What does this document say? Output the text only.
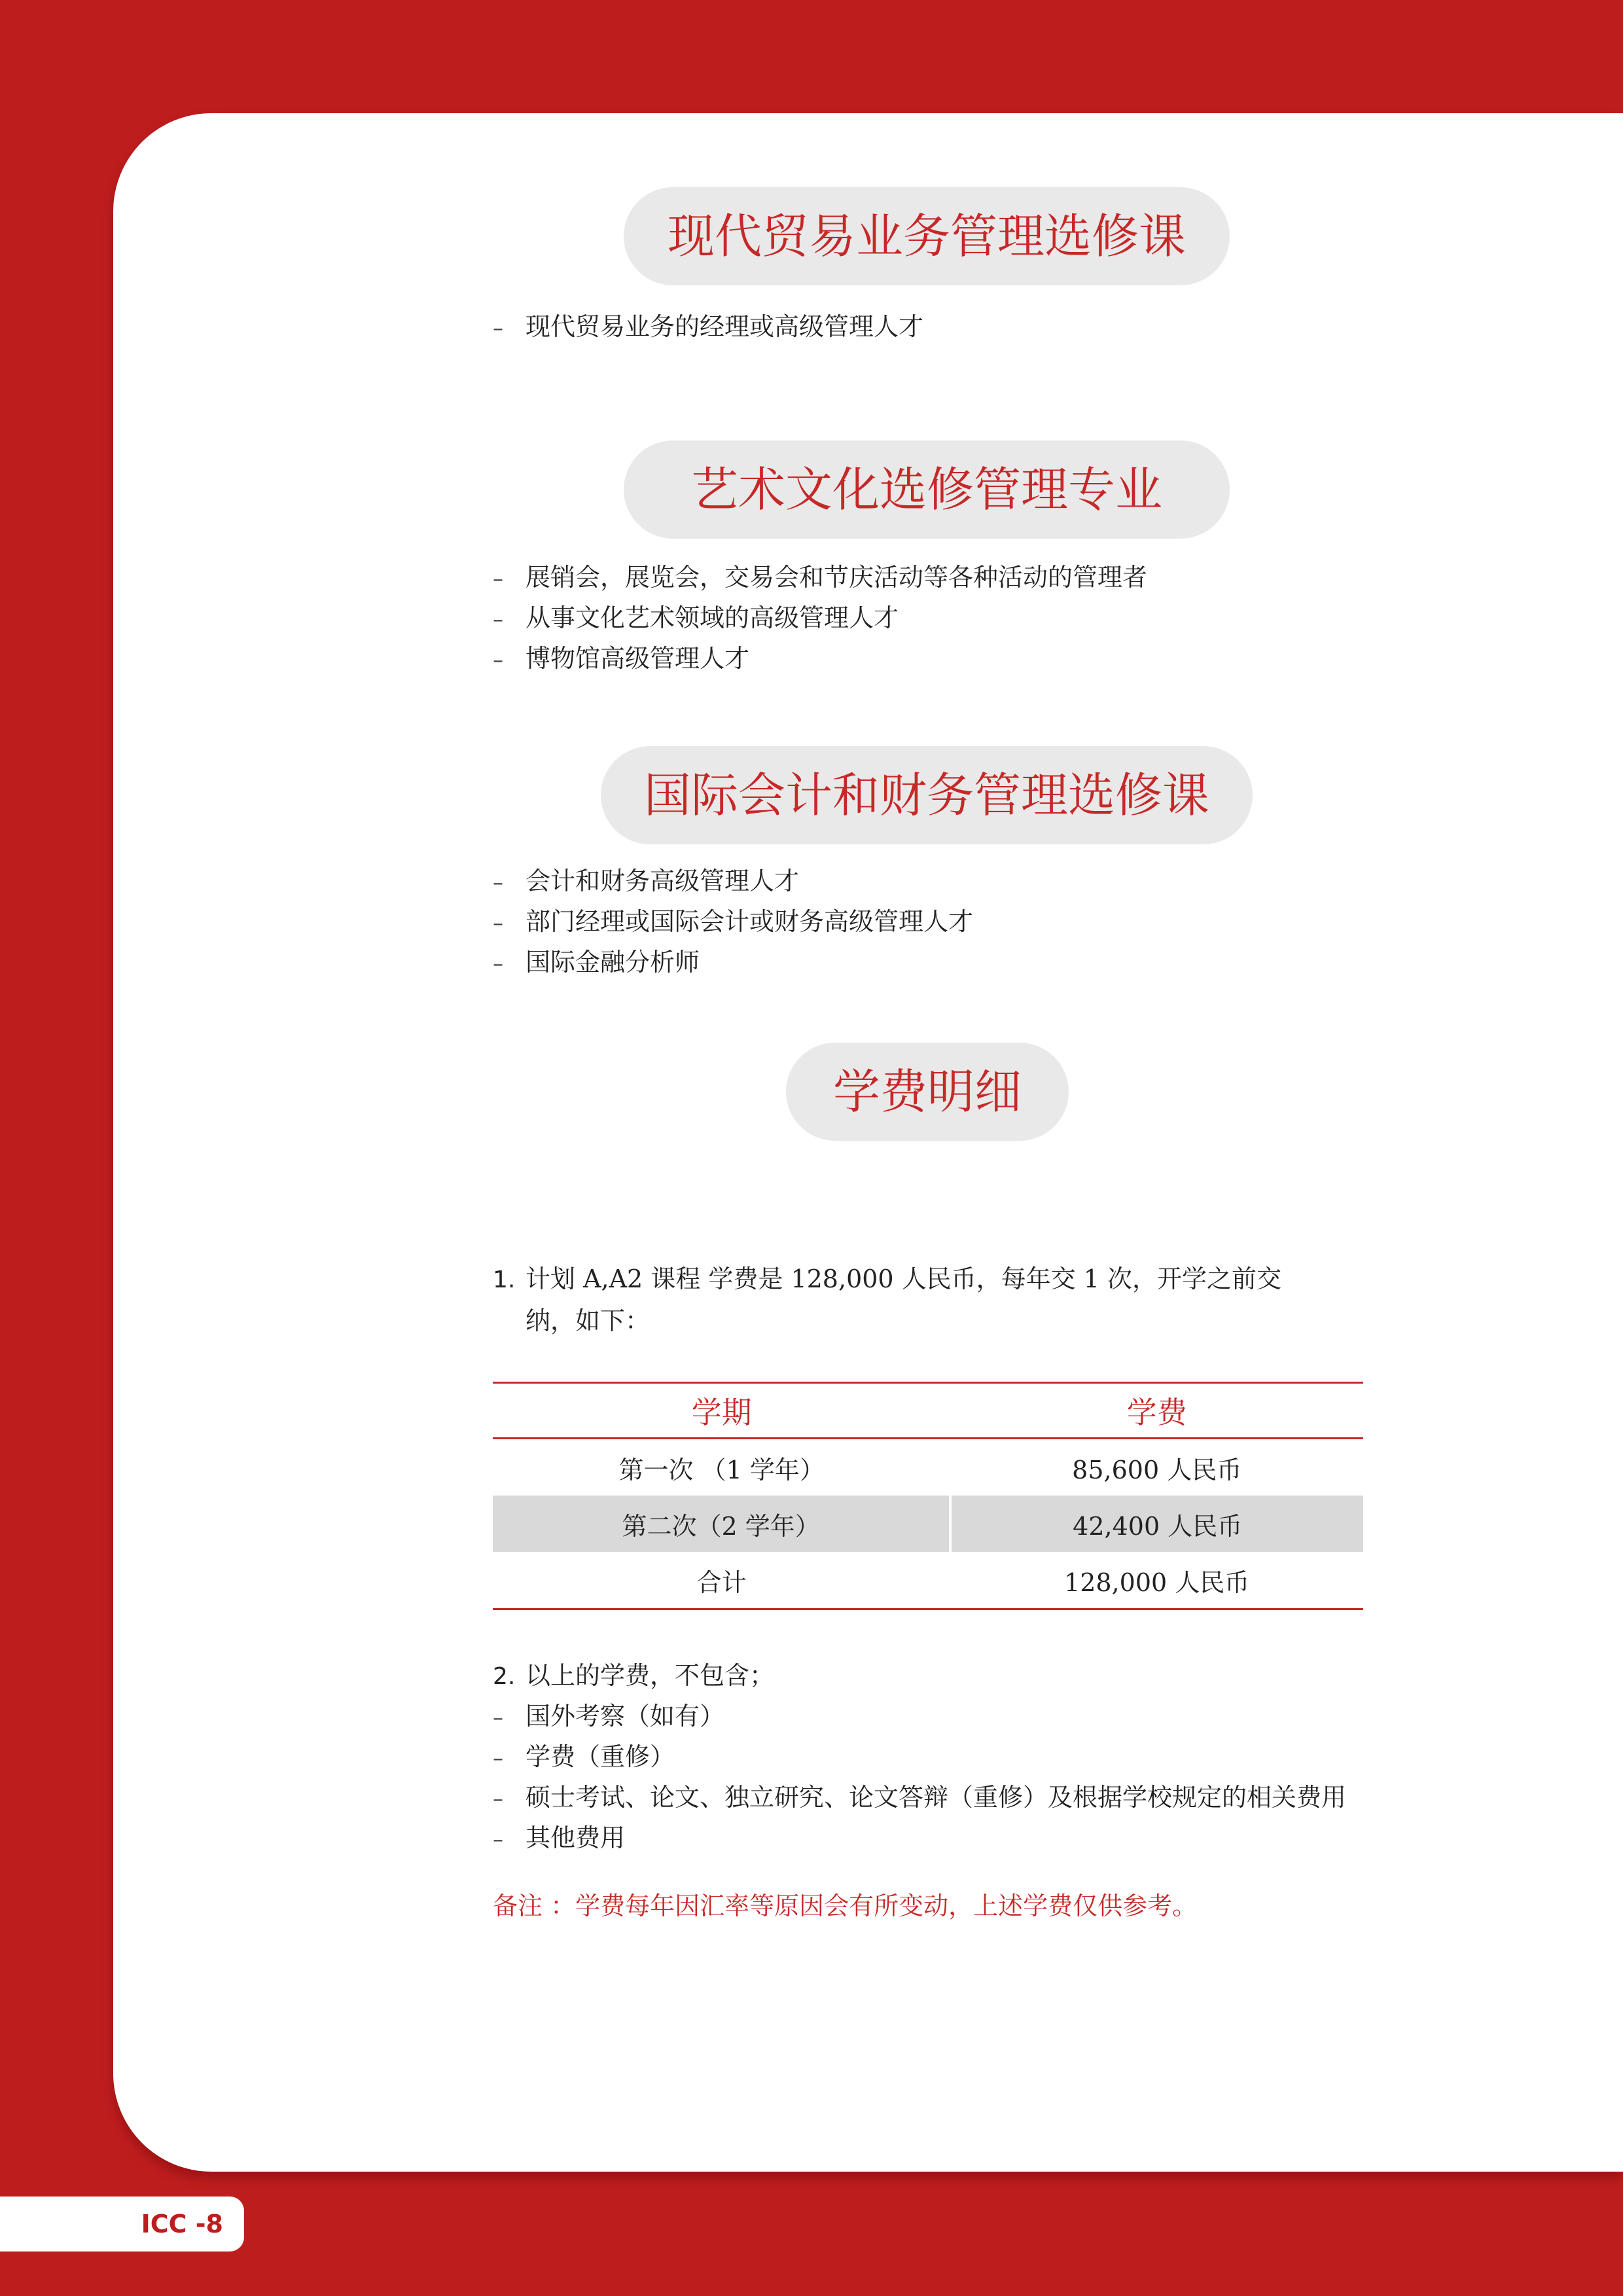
现代贸易业务管理选修课
– 现代贸易业务的经理或高级管理人才
艺术文化选修管理专业
– 展销会，展览会，交易会和节庆活动等各种活动的管理者
– 从事文化艺术领域的高级管理人才
– 博物馆高级管理人才
国际会计和财务管理选修课
– 会计和财务高级管理人才
– 部门经理或国际会计或财务高级管理人才
– 国际金融分析师
学费明细
1. 计划 A,A2 课程 学费是 128,000 人民币，每年交 1 次，开学之前交
纳，如下：
学期	学费
第一次 （1 学年）	85,600 人民币
第二次（2 学年）	42,400 人民币
合计	128,000 人民币
2. 以上的学费，不包含；
– 国外考察（如有）
– 学费（重修）
– 硕士考试、论文、独立研究、论文答辩（重修）及根据学校规定的相关费用
– 其他费用
备注 ：学费每年因汇率等原因会有所变动，上述学费仅供参考。
ICC -8
